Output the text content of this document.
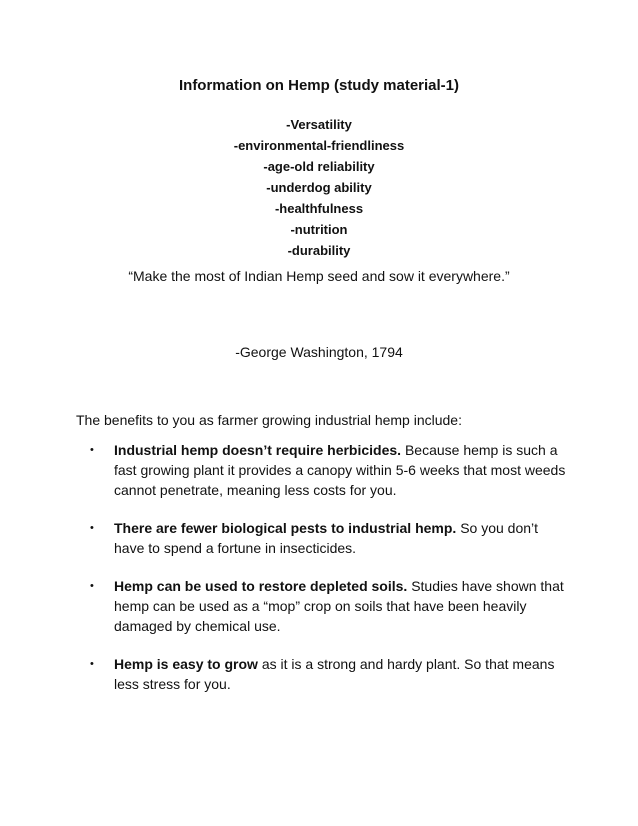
Information on Hemp (study material-1)
-Versatility
-environmental-friendliness
-age-old reliability
-underdog ability
-healthfulness
-nutrition
-durability
“Make the most of Indian Hemp seed and sow it everywhere.”
-George Washington, 1794
The benefits to you as farmer growing industrial hemp include:
• Industrial hemp doesn’t require herbicides. Because hemp is such a fast growing plant it provides a canopy within 5-6 weeks that most weeds cannot penetrate, meaning less costs for you.
• There are fewer biological pests to industrial hemp. So you don’t have to spend a fortune in insecticides.
• Hemp can be used to restore depleted soils. Studies have shown that hemp can be used as a “mop” crop on soils that have been heavily damaged by chemical use.
• Hemp is easy to grow as it is a strong and hardy plant. So that means less stress for you.
